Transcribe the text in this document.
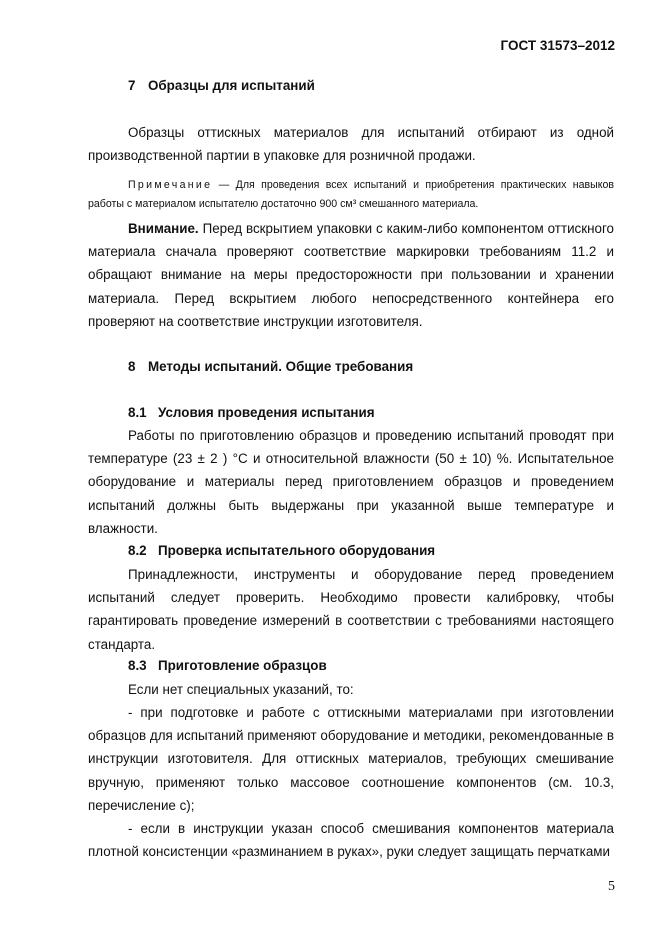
ГОСТ 31573–2012
7 Образцы для испытаний
Образцы оттискных материалов для испытаний отбирают из одной производственной партии в упаковке для розничной продажи.
Примечание — Для проведения всех испытаний и приобретения практических навыков работы с материалом испытателю достаточно 900 см³ смешанного материала.
Внимание. Перед вскрытием упаковки с каким-либо компонентом оттискного материала сначала проверяют соответствие маркировки требованиям 11.2 и обращают внимание на меры предосторожности при пользовании и хранении материала. Перед вскрытием любого непосредственного контейнера его проверяют на соответствие инструкции изготовителя.
8 Методы испытаний. Общие требования
8.1 Условия проведения испытания
Работы по приготовлению образцов и проведению испытаний проводят при температуре (23 ± 2 ) °С и относительной влажности (50 ± 10) %. Испытательное оборудование и материалы перед приготовлением образцов и проведением испытаний должны быть выдержаны при указанной выше температуре и влажности.
8.2 Проверка испытательного оборудования
Принадлежности, инструменты и оборудование перед проведением испытаний следует проверить. Необходимо провести калибровку, чтобы гарантировать проведение измерений в соответствии с требованиями настоящего стандарта.
8.3 Приготовление образцов
Если нет специальных указаний, то:
- при подготовке и работе с оттискными материалами при изготовлении образцов для испытаний применяют оборудование и методики, рекомендованные в инструкции изготовителя. Для оттискных материалов, требующих смешивание вручную, применяют только массовое соотношение компонентов (см. 10.3, перечисление с);
- если в инструкции указан способ смешивания компонентов материала плотной консистенции «разминанием в руках», руки следует защищать перчатками
5
